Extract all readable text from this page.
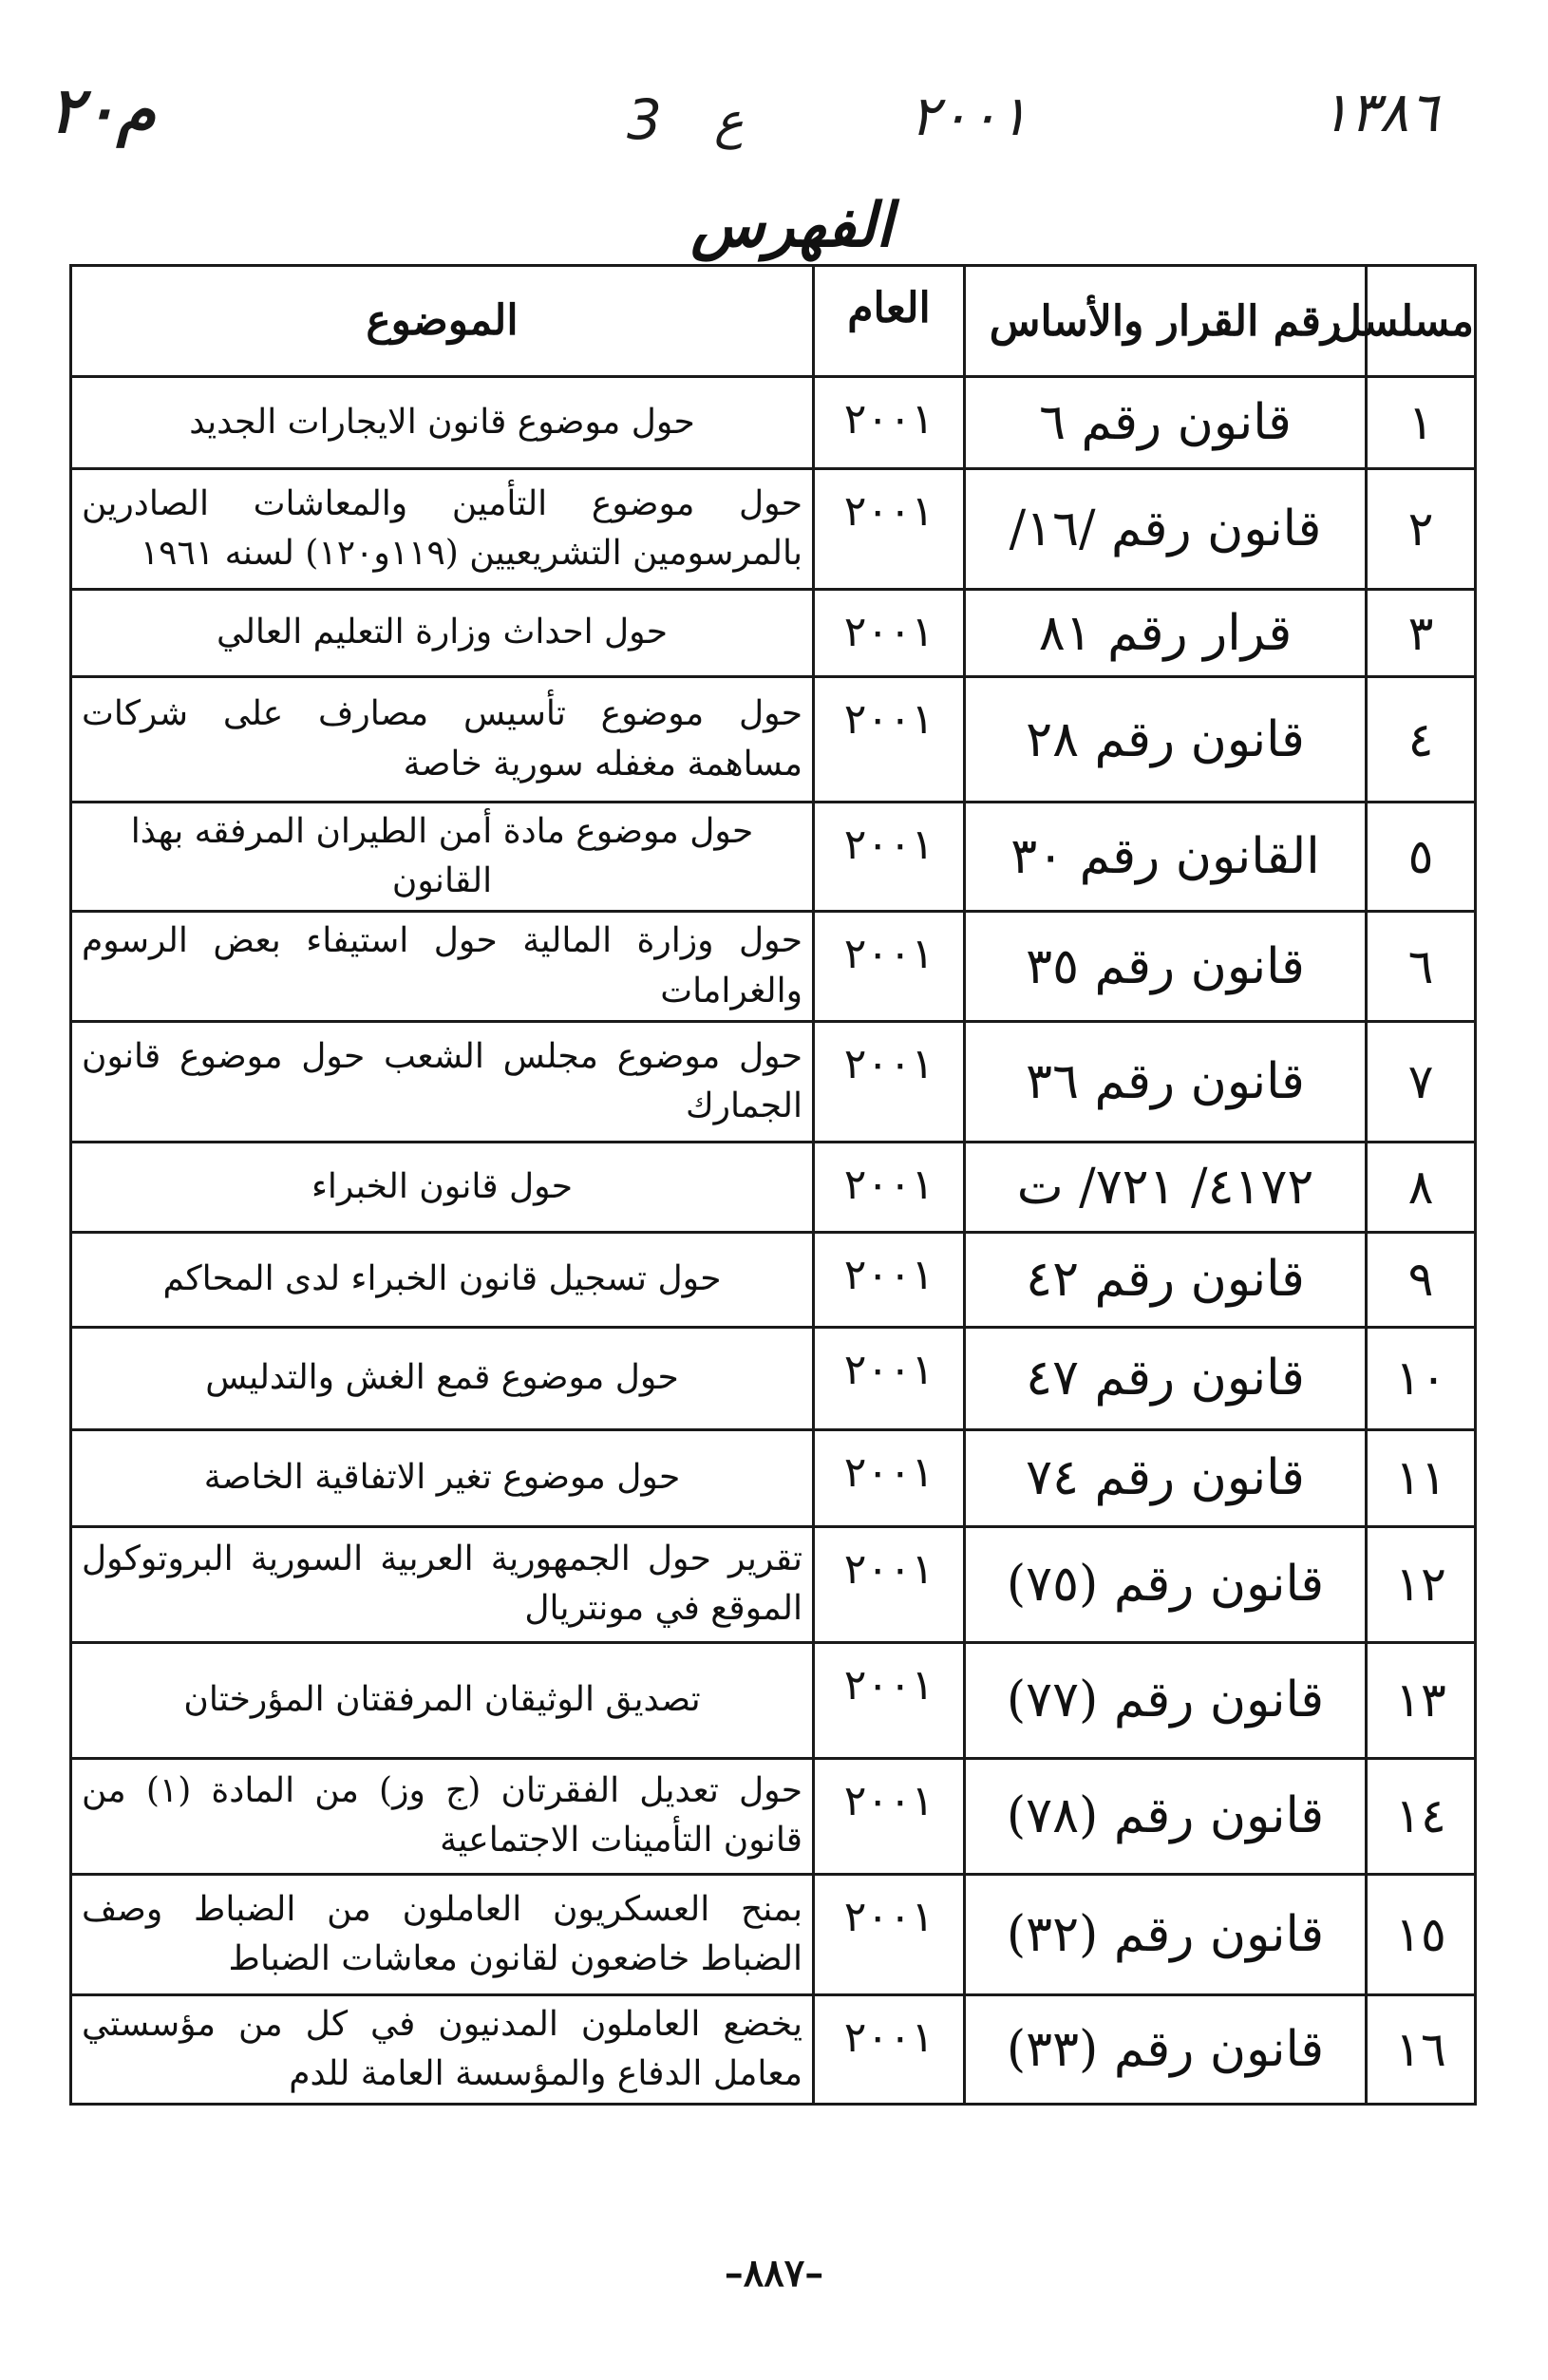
م٢٠	3 ع	٢٠٠١	١٣٨٦
الفهرس
مسلسل	رقم القرار والأساس	العام	الموضوع
١	قانون رقم ٦	٢٠٠١	حول موضوع قانون الايجارات الجديد
٢	قانون رقم /١٦/	٢٠٠١	حول موضوع التأمين والمعاشات الصادرين بالمرسومين التشريعيين (١١٩و١٢٠) لسنه ١٩٦١
٣	قرار رقم ٨١	٢٠٠١	حول احداث وزارة التعليم العالي
٤	قانون رقم ٢٨	٢٠٠١	حول موضوع تأسيس مصارف على شركات مساهمة مغفله سورية خاصة
٥	القانون رقم ٣٠	٢٠٠١	حول موضوع مادة أمن الطيران المرفقه بهذا القانون
٦	قانون رقم ٣٥	٢٠٠١	حول وزارة المالية حول استيفاء بعض الرسوم والغرامات
٧	قانون رقم ٣٦	٢٠٠١	حول موضوع مجلس الشعب حول موضوع قانون الجمارك
٨	٤١٧٢/ ٧٢١/ ت	٢٠٠١	حول قانون الخبراء
٩	قانون رقم ٤٢	٢٠٠١	حول تسجيل قانون الخبراء لدى المحاكم
١٠	قانون رقم ٤٧	٢٠٠١	حول موضوع قمع الغش والتدليس
١١	قانون رقم ٧٤	٢٠٠١	حول موضوع تغير الاتفاقية الخاصة
١٢	قانون رقم (٧٥)	٢٠٠١	تقرير حول الجمهورية العربية السورية البروتوكول الموقع في مونتريال
١٣	قانون رقم (٧٧)	٢٠٠١	تصديق الوثيقان المرفقتان المؤرختان
١٤	قانون رقم (٧٨)	٢٠٠١	حول تعديل الفقرتان (ج وز) من المادة (١) من قانون التأمينات الاجتماعية
١٥	قانون رقم (٣٢)	٢٠٠١	بمنح العسكريون العاملون من الضباط وصف الضباط خاضعون لقانون معاشات الضباط
١٦	قانون رقم (٣٣)	٢٠٠١	يخضع العاملون المدنيون في كل من مؤسستي معامل الدفاع والمؤسسة العامة للدم
–٨٨٧–
